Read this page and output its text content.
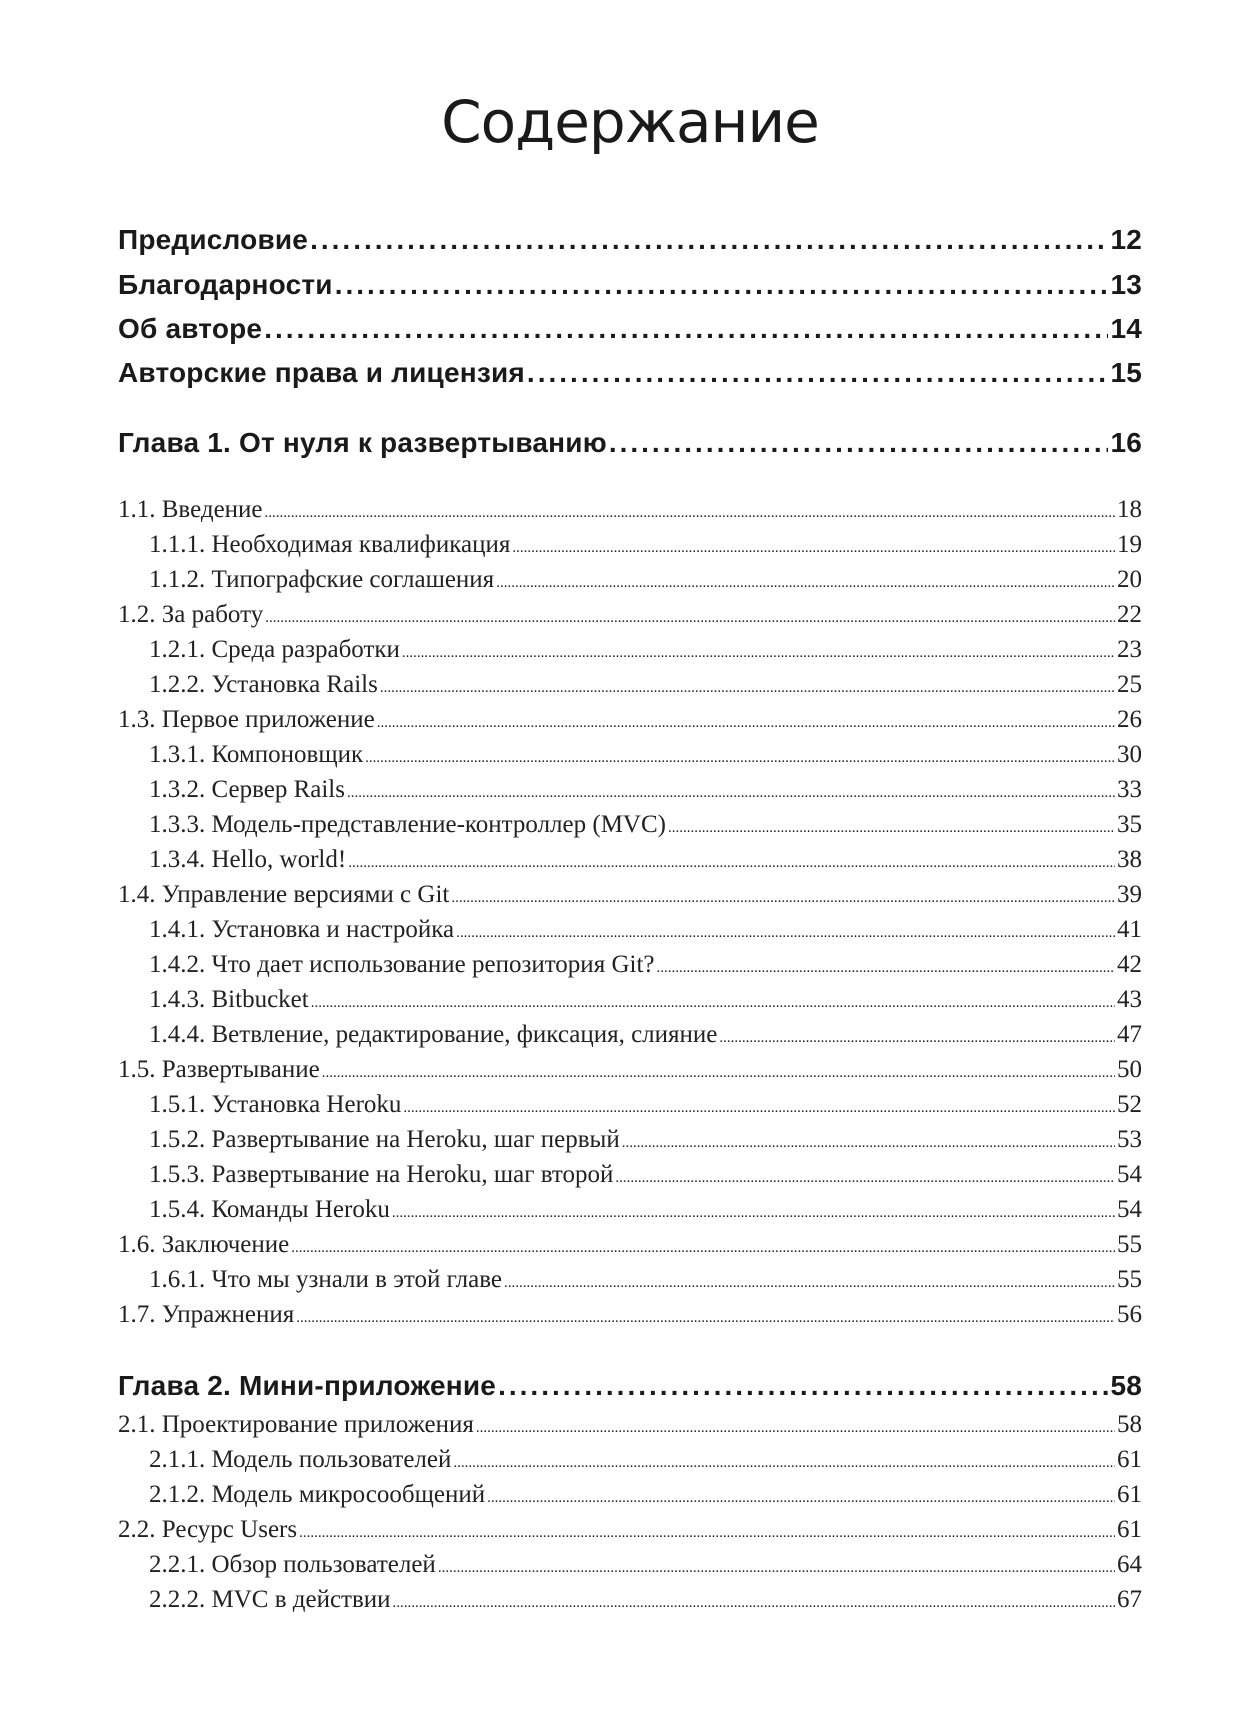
Содержание
Предисловие .....	12
Благодарности .....	13
Об авторе .....	14
Авторские права и лицензия .....	15
Глава 1. От нуля к развертыванию .....	16
1.1. Введение .....	18
1.1.1. Необходимая квалификация .....	19
1.1.2. Типографские соглашения .....	20
1.2. За работу .....	22
1.2.1. Среда разработки .....	23
1.2.2. Установка Rails .....	25
1.3. Первое приложение .....	26
1.3.1. Компоновщик .....	30
1.3.2. Сервер Rails .....	33
1.3.3. Модель-представление-контроллер (MVC) .....	35
1.3.4. Hello, world! .....	38
1.4. Управление версиями с Git .....	39
1.4.1. Установка и настройка .....	41
1.4.2. Что дает использование репозитория Git? .....	42
1.4.3. Bitbucket .....	43
1.4.4. Ветвление, редактирование, фиксация, слияние .....	47
1.5. Развертывание .....	50
1.5.1. Установка Heroku .....	52
1.5.2. Развертывание на Heroku, шаг первый .....	53
1.5.3. Развертывание на Heroku, шаг второй .....	54
1.5.4. Команды Heroku .....	54
1.6. Заключение .....	55
1.6.1. Что мы узнали в этой главе .....	55
1.7. Упражнения .....	56
Глава 2. Мини-приложение .....	58
2.1. Проектирование приложения .....	58
2.1.1. Модель пользователей .....	61
2.1.2. Модель микросообщений .....	61
2.2. Ресурс Users .....	61
2.2.1. Обзор пользователей .....	64
2.2.2. MVC в действии .....	67
